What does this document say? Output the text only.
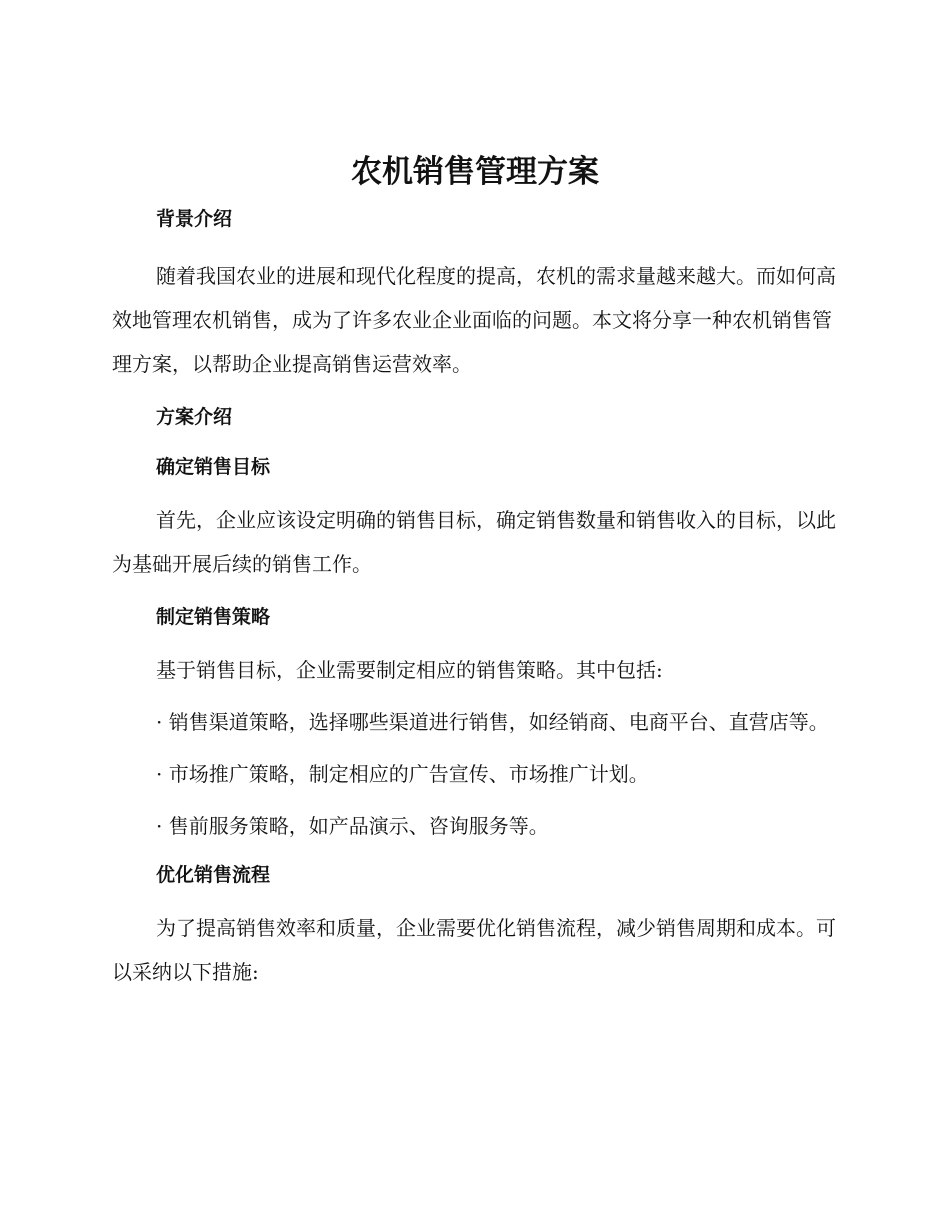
农机销售管理方案

背景介绍

随着我国农业的进展和现代化程度的提高，农机的需求量越来越大。而如何高效地管理农机销售，成为了许多农业企业面临的问题。本文将分享一种农机销售管理方案，以帮助企业提高销售运营效率。

方案介绍

确定销售目标

首先，企业应该设定明确的销售目标，确定销售数量和销售收入的目标，以此为基础开展后续的销售工作。

制定销售策略

基于销售目标，企业需要制定相应的销售策略。其中包括:

· 销售渠道策略，选择哪些渠道进行销售，如经销商、电商平台、直营店等。

· 市场推广策略，制定相应的广告宣传、市场推广计划。

· 售前服务策略，如产品演示、咨询服务等。

优化销售流程

为了提高销售效率和质量，企业需要优化销售流程，减少销售周期和成本。可以采纳以下措施:
